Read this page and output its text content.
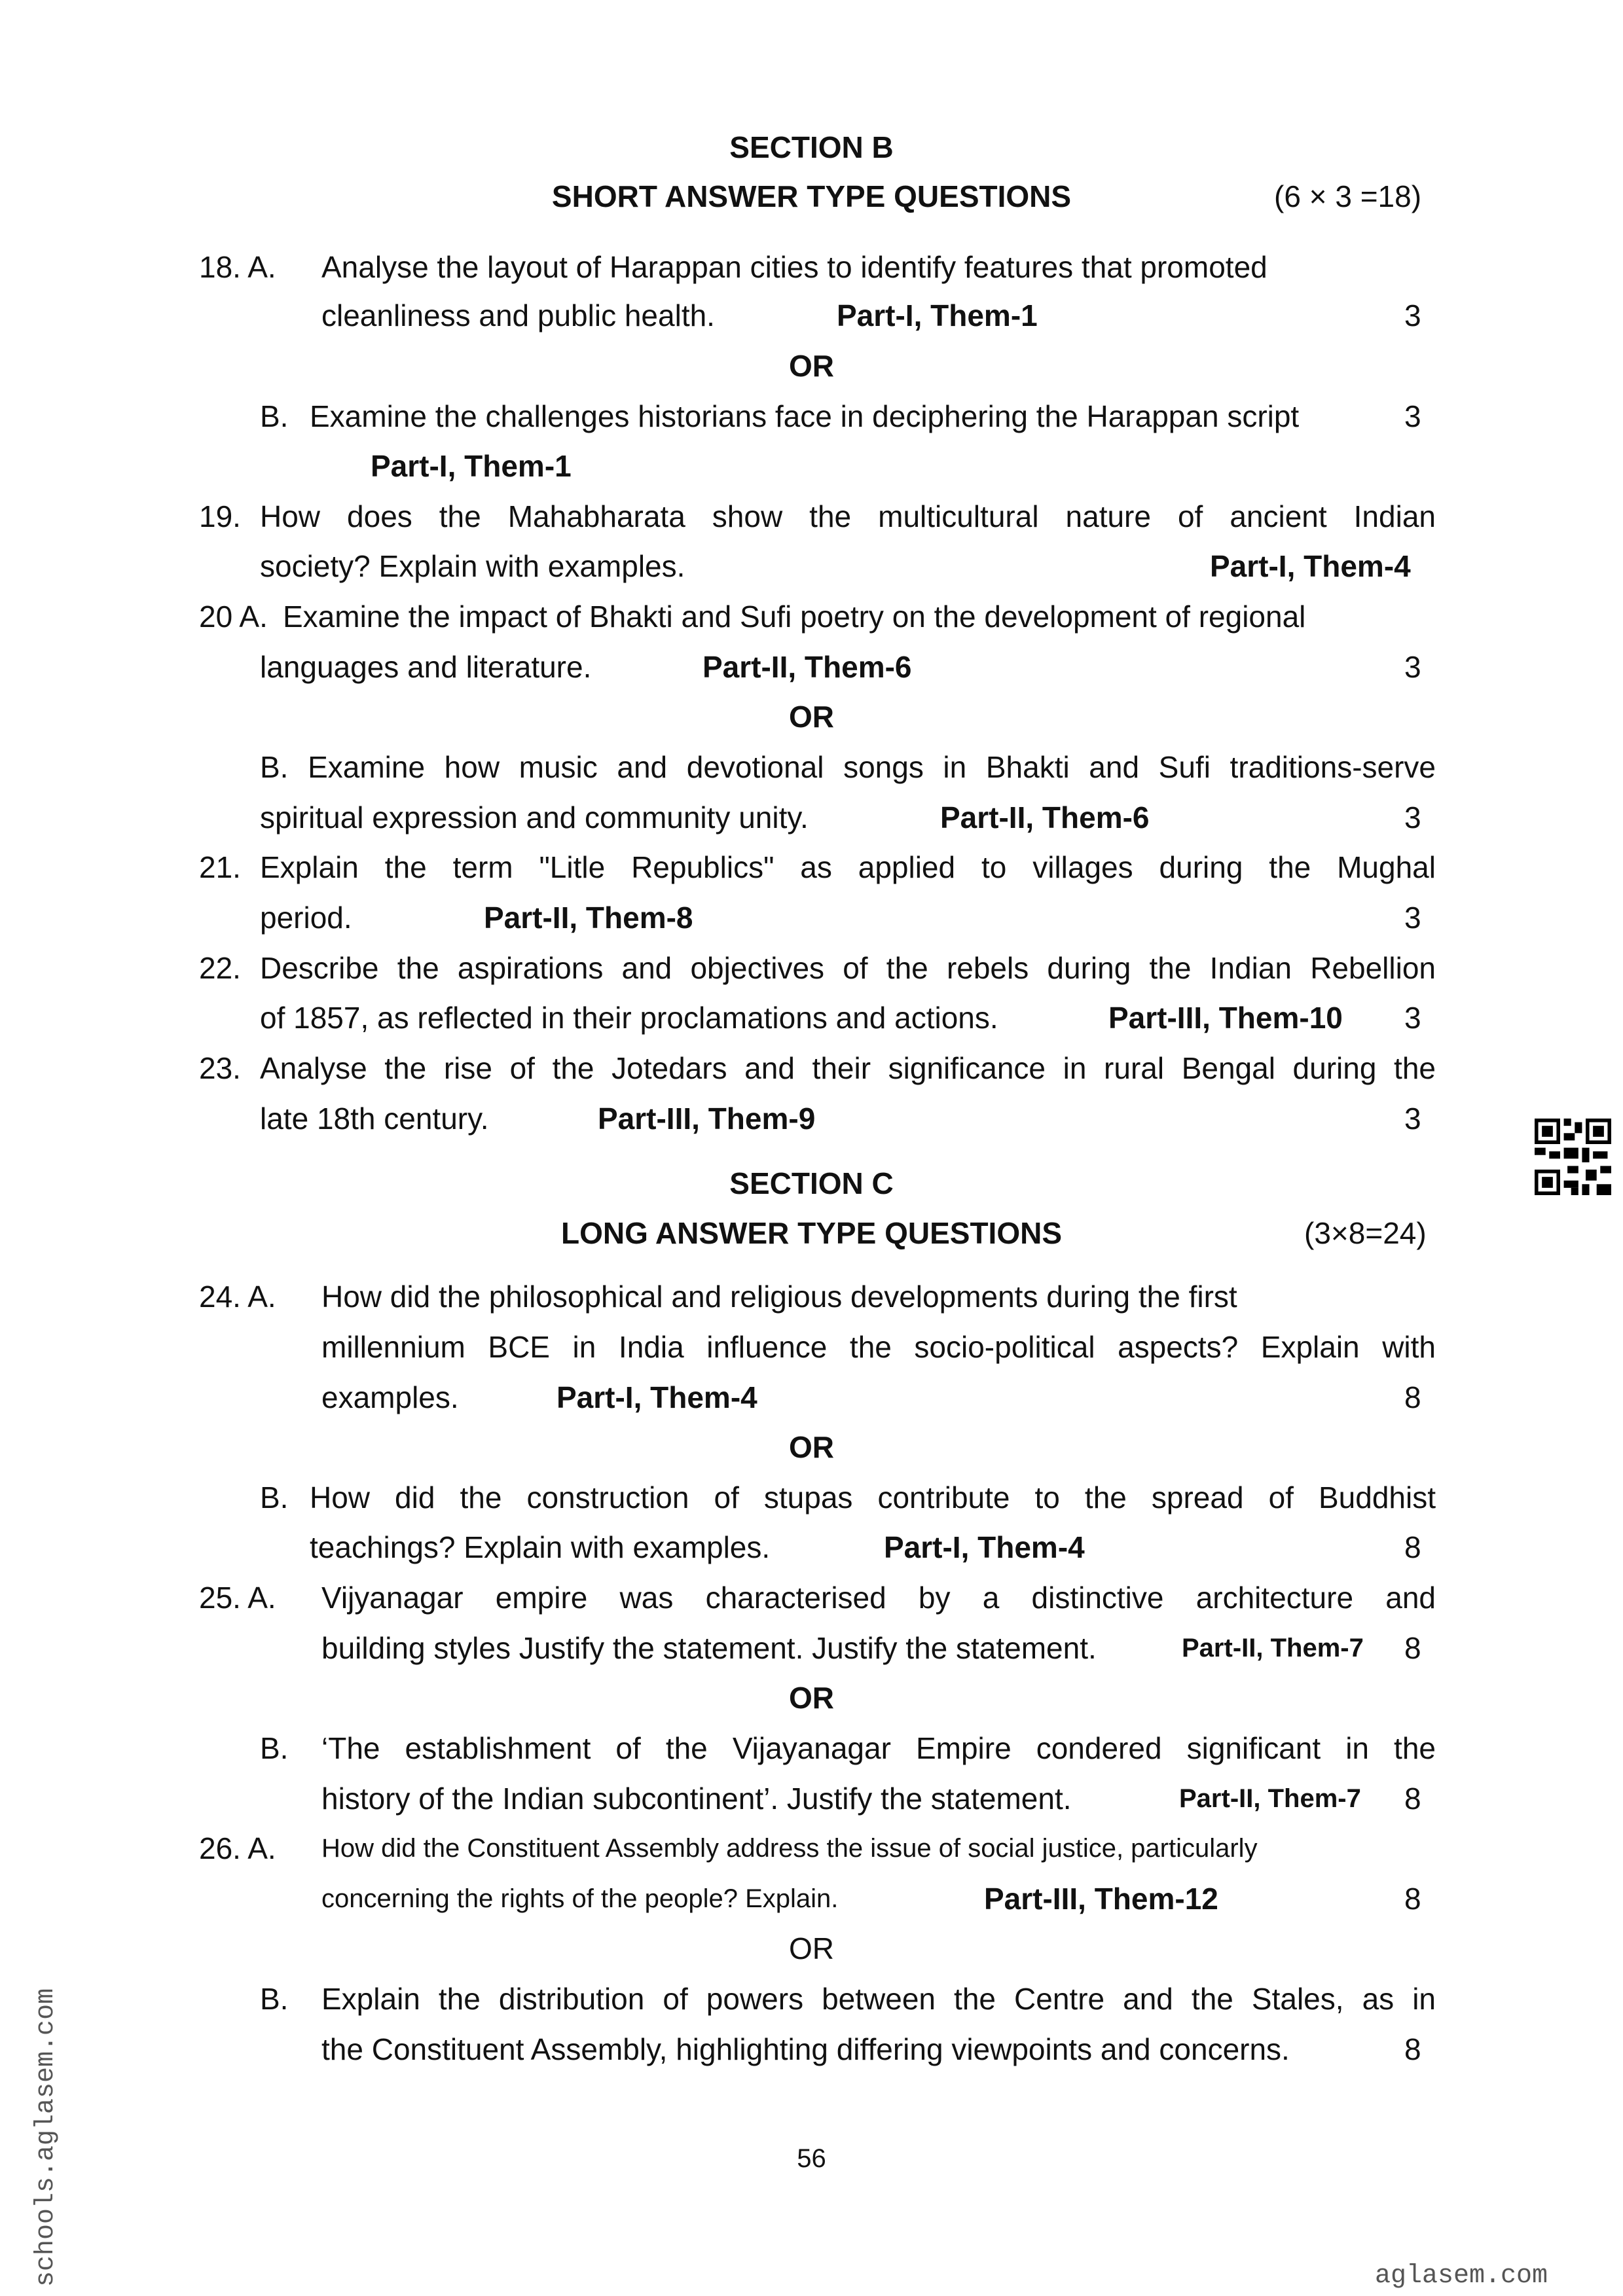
SECTION B
SHORT ANSWER TYPE QUESTIONS	(6 × 3 =18)
18. A. Analyse the layout of Harappan cities to identify features that promoted
cleanliness and public health.	Part-I, Them-1	3
OR
B. Examine the challenges historians face in deciphering the Harappan script	3
Part-I, Them-1
19. How does the Mahabharata show the multicultural nature of ancient Indian
society? Explain with examples.	Part-I, Them-4
20 A. Examine the impact of Bhakti and Sufi poetry on the development of regional
languages and literature.	Part-II, Them-6	3
OR
B. Examine how music and devotional songs in Bhakti and Sufi traditions-serve
spiritual expression and community unity.	Part-II, Them-6	3
21. Explain the term "Litle Republics" as applied to villages during the Mughal
period.	Part-II, Them-8	3
22. Describe the aspirations and objectives of the rebels during the Indian Rebellion
of 1857, as reflected in their proclamations and actions.	Part-III, Them-10 3
23. Analyse the rise of the Jotedars and their significance in rural Bengal during the
late 18th century.	Part-III, Them-9	3
SECTION C
LONG ANSWER TYPE QUESTIONS	(3×8=24)
24. A. How did the philosophical and religious developments during the first
millennium BCE in India influence the socio-political aspects? Explain with
examples.	Part-I, Them-4	8
OR
B. How did the construction of stupas contribute to the spread of Buddhist
teachings? Explain with examples.	Part-I, Them-4	8
25. A. Vijyanagar empire was characterised by a distinctive architecture and
building styles Justify the statement. Justify the statement.	Part-II, Them-7 8
OR
B. ‘The establishment of the Vijayanagar Empire condered significant in the
history of the Indian subcontinent’. Justify the statement.	Part-II, Them-7 8
26. A. How did the Constituent Assembly address the issue of social justice, particularly
concerning the rights of the people? Explain.	Part-III, Them-12	8
OR
B. Explain the distribution of powers between the Centre and the Stales, as in
the Constituent Assembly, highlighting differing viewpoints and concerns.	8
56
schools.aglasem.com	aglasem.com
